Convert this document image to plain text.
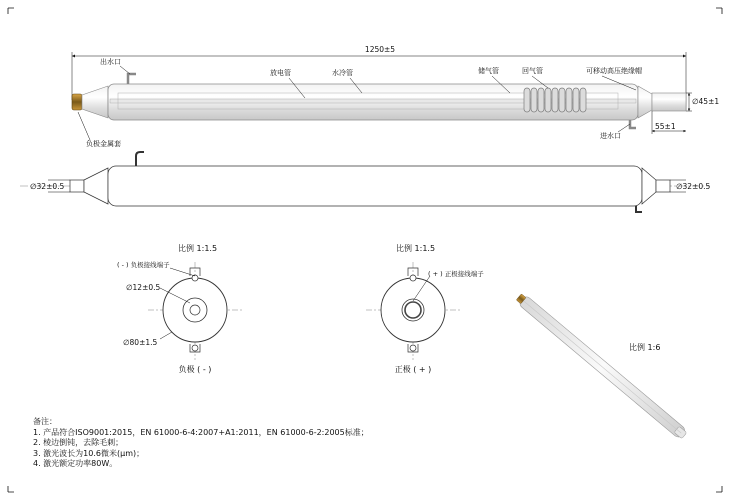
1250±5
∅45±1
55±1
出水口
放电管	水冷管	储气管	回气管	可移动高压绝缘帽
负极金属套
进水口
∅32±0.5	∅32±0.5
比例 1:1.5
( - ) 负极接线端子
∅12±0.5
∅80±1.5
负极 ( - )
比例 1:1.5
( + ) 正极接线端子
正极 ( + )
比例 1:6
备注：
1. 产品符合ISO9001:2015，EN 61000-6-4:2007+A1:2011，EN 61000-6-2:2005标准；
2. 棱边倒钝，去除毛刺；
3. 激光波长为10.6微米(μm)；
4. 激光额定功率80W。
